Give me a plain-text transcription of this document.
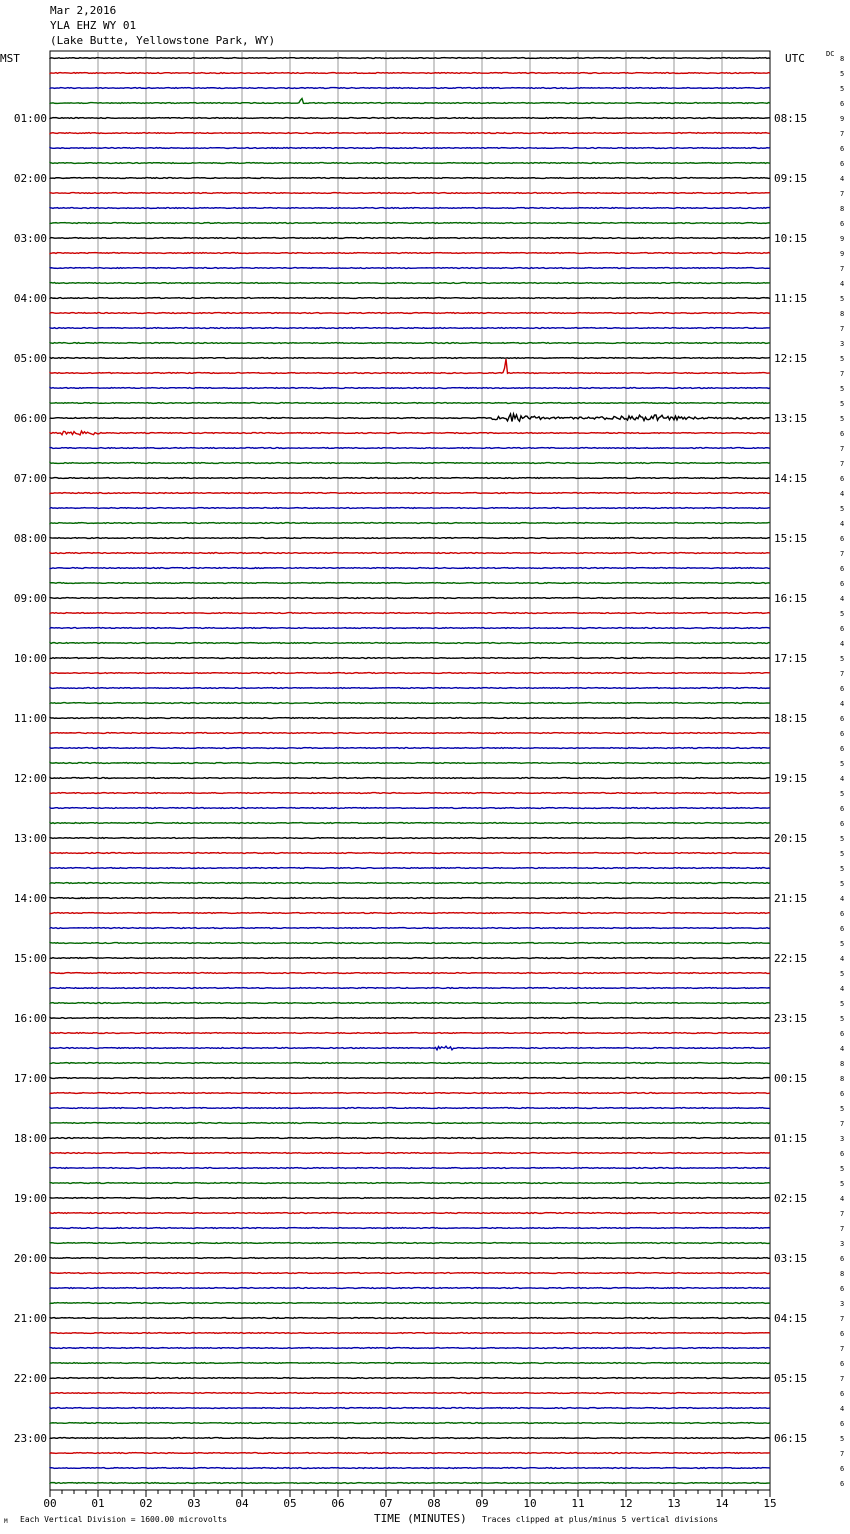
Mar 2,2016
YLA EHZ WY 01
(Lake Butte, Yellowstone Park, WY)
01:00
02:00
03:00
04:00
05:00
06:00
07:00
08:00
09:00
10:00
11:00
12:00
13:00
14:00
15:00
16:00
17:00
18:00
19:00
20:00
21:00
22:00
23:00
08:15
09:15
10:15
11:15
12:15
13:15
14:15
15:15
16:15
17:15
18:15
19:15
20:15
21:15
22:15
23:15
00:15
01:15
02:15
03:15
04:15
05:15
06:15
MST	UTC	DC
8
5
5
6
9
7
6
6
4
7
8
6
9
9
7
4
5
8
7
3
5
7
5
5
5
6
7
7
6
4
5
4
6
7
6
6
4
5
6
4
5
7
6
4
6
6
6
5
4
5
6
6
5
5
5
5
4
6
6
5
4
5
4
5
5
6
4
8
8
6
5
7
3
6
5
5
4
7
7
3
6
8
6
3
7
6
7
6
7
6
4
6
5
7
6
6
00	01	02	03	04	05	06	07	08	09	10	11	12	13	14	15
M Each Vertical Division = 1600.00 microvolts	TIME (MINUTES) Traces clipped at plus/minus 5 vertical divisions
